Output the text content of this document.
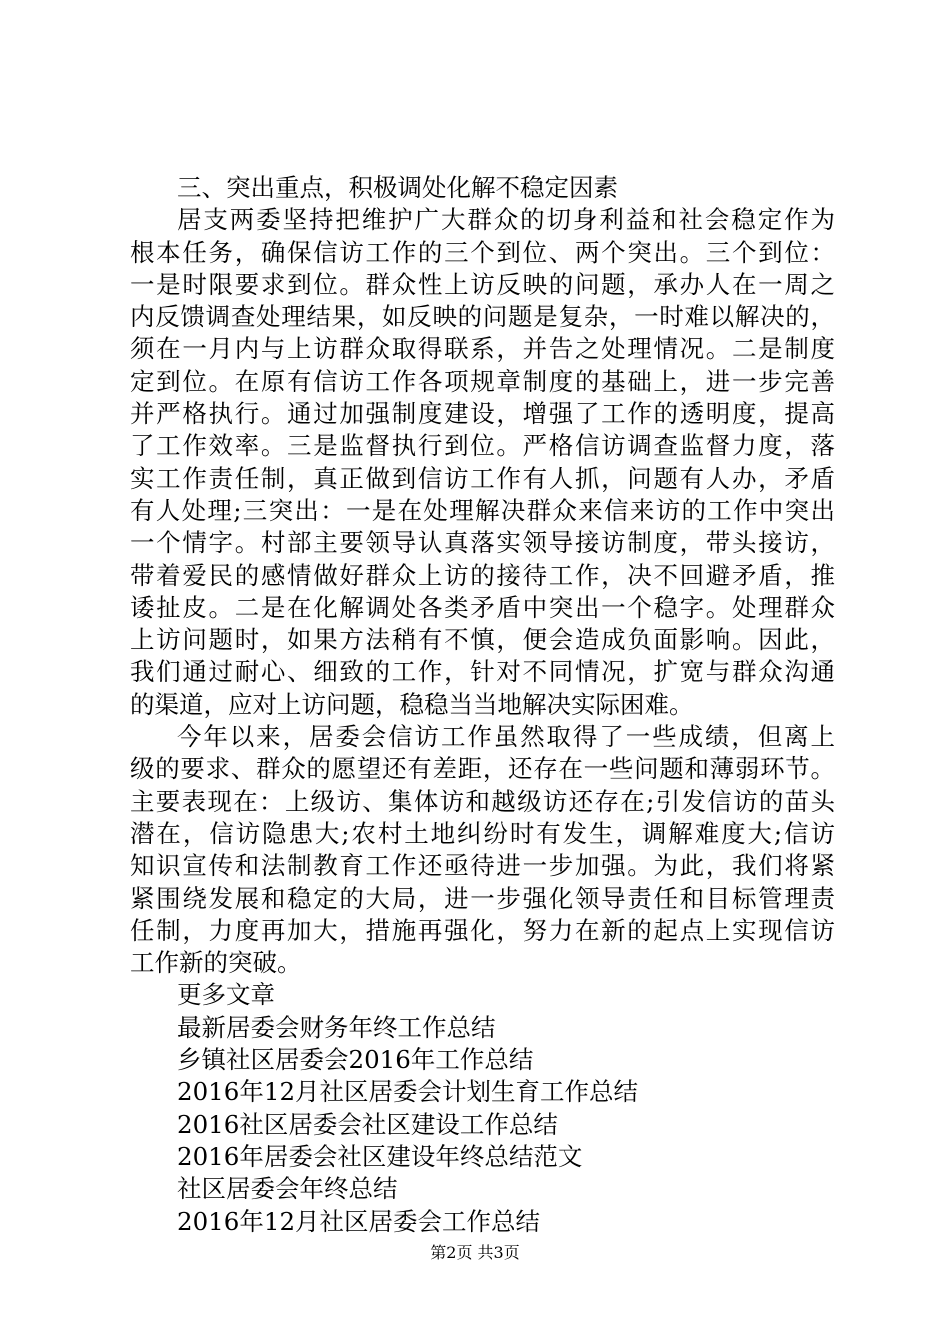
三、突出重点，积极调处化解不稳定因素
居支两委坚持把维护广大群众的切身利益和社会稳定作为
根本任务，确保信访工作的三个到位、两个突出。三个到位：
一是时限要求到位。群众性上访反映的问题，承办人在一周之
内反馈调查处理结果，如反映的问题是复杂，一时难以解决的，
须在一月内与上访群众取得联系，并告之处理情况。二是制度
定到位。在原有信访工作各项规章制度的基础上，进一步完善
并严格执行。通过加强制度建设，增强了工作的透明度，提高
了工作效率。三是监督执行到位。严格信访调查监督力度，落
实工作责任制，真正做到信访工作有人抓，问题有人办，矛盾
有人处理;三突出：一是在处理解决群众来信来访的工作中突出
一个情字。村部主要领导认真落实领导接访制度，带头接访，
带着爱民的感情做好群众上访的接待工作，决不回避矛盾，推
诿扯皮。二是在化解调处各类矛盾中突出一个稳字。处理群众
上访问题时，如果方法稍有不慎，便会造成负面影响。因此，
我们通过耐心、细致的工作，针对不同情况，扩宽与群众沟通
的渠道，应对上访问题，稳稳当当地解决实际困难。
今年以来，居委会信访工作虽然取得了一些成绩，但离上
级的要求、群众的愿望还有差距，还存在一些问题和薄弱环节。
主要表现在：上级访、集体访和越级访还存在;引发信访的苗头
潜在，信访隐患大;农村土地纠纷时有发生，调解难度大;信访
知识宣传和法制教育工作还亟待进一步加强。为此，我们将紧
紧围绕发展和稳定的大局，进一步强化领导责任和目标管理责
任制，力度再加大，措施再强化，努力在新的起点上实现信访
工作新的突破。
更多文章
最新居委会财务年终工作总结
乡镇社区居委会2016年工作总结
2016年12月社区居委会计划生育工作总结
2016社区居委会社区建设工作总结
2016年居委会社区建设年终总结范文
社区居委会年终总结
2016年12月社区居委会工作总结
第2页 共3页
